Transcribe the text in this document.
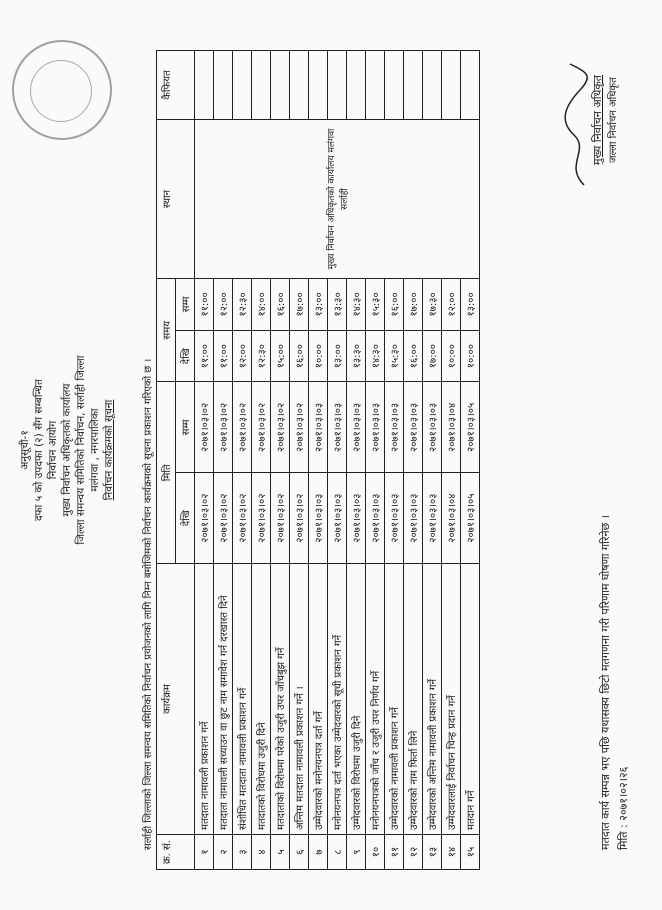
अनुसूची-१ दफा ५ को उपदफा (२) सँग सम्बन्धित निर्वाचन आयोग मुख्य निर्वाचन अधिकृतको कार्यालय जिल्ला समन्वय समितिको निर्वाचन, सर्लाही जिल्ला मलंगवा , नगरपालिका निर्वाचन कार्यक्रमको सूचना	सर्लाही जिल्लाको जिल्ला समन्वय समितिको निर्वाचन प्रयोजनको लागि निम्न बमोजिमको निर्वाचन कार्यक्रमको सूचना प्रकाशन गरिएको छ ।
क्र. सं.	कार्यक्रम	मिति		समय		स्थान	कैफियत
		देखि	सम्म	देखि	सम्म		
१	मतदाता नामावली प्रकाशन गर्ने	२०७१।०३।०२	२०७१।०३।०२	११:००	११:००	मुख्य निर्वाचन अधिकृतको कार्यालय मलंगवा सर्लाही	

२	मतदाता नामावली सच्याउन वा छुट नाम समावेश गर्न दरखास्त दिने	२०७१।०३।०२	२०७१।०३।०२	११:००	१२:००		
३	संशोधित मतदाता नामावली प्रकाशन गर्ने	२०७१।०३।०२	२०७१।०३।०२	१२:००	१२:३०		
४	मतदातको विरोधमा उजुरी दिने	२०७१।०३।०२	२०७१।०३।०२	१२:३०	१४:००		
५	मतदाताको विरोधमा परेको उजुरी उपर जाँचबुझ गर्ने	२०७१।०३।०२	२०७१।०३।०२	१५:००	१६:००		
६	अन्तिम मतदाता नामावली प्रकाशन गर्ने ।	२०७१।०३।०२	२०७१।०३।०२	१६:००	१७:००		
७	उम्मेदवारको मनोनयनपत्र दर्ता गर्ने	२०७१।०३।०३	२०७१।०३।०३	१०:००	१३:००		
८	मनोनयनपत्र दर्ता भएका उम्मेदवारको सूची प्रकाशन गर्ने	२०७१।०३।०३	२०७१।०३।०३	१३:००	१३:३०		
९	उम्मेदवारको विरोधमा उजुरी दिने	२०७१।०३।०३	२०७१।०३।०३	१३:३०	१४:३०		
१०	मनोनयनपत्रको जाँच र उजुरी उपर निर्णय गर्ने	२०७१।०३।०३	२०७१।०३।०३	१४:३०	१५:३०		
११	उम्मेदवारको नामावली प्रकाशन गर्ने	२०७१।०३।०३	२०७१।०३।०३	१५:३०	१६:००		
१२	उम्मेदवारको नाम फिर्ता लिने	२०७१।०३।०३	२०७१।०३।०३	१६:००	१७:००		
१३	उम्मेदवारको अन्तिम नामावली प्रकाशन गर्ने	२०७१।०३।०३	२०७१।०३।०३	१७:००	१७:३०		
१४	उम्मेदवारलाई निर्वाचन चिन्ह प्रदान गर्ने	२०७१।०३।०४	२०७१।०३।०४	१०:००	१२:००		
१५	मतदान गर्ने	२०७१।०३।०५	२०७१।०३।०५	१०:००	१३:००		
मतदात कार्य सम्पन्न भए पछि यथासक्य छिटो मतगणना गरी परिणाम घोषणा गरिनेछ । मिति : २०७१।०२।२६
मुख्य निर्वाचन अधिकृत जल्ला निर्वाचन अधिकृत
